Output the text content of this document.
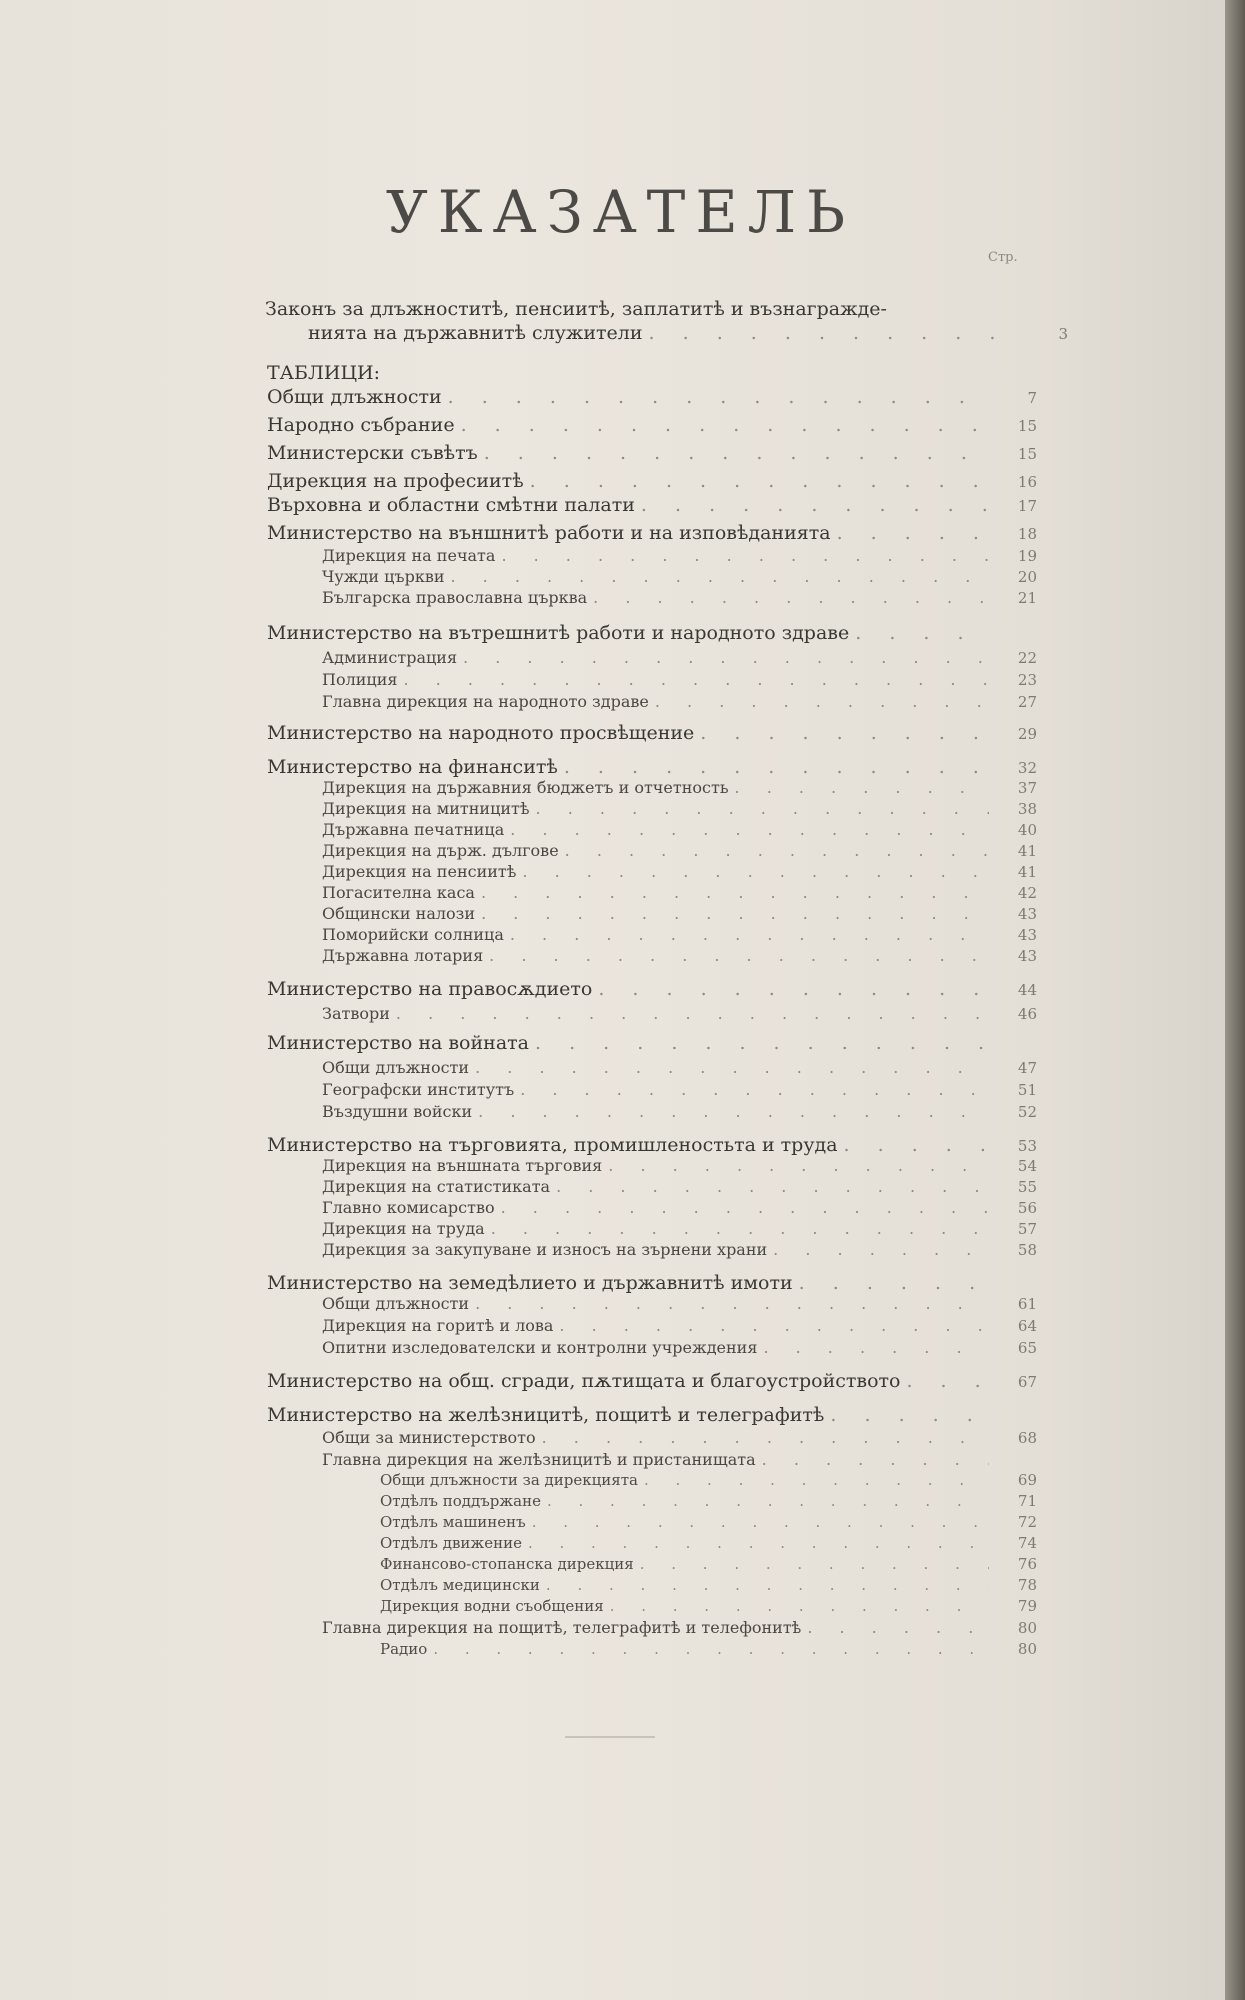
УКАЗАТЕЛЬ
Стр.
Законъ за длъжноститѣ, пенсиитѣ, заплатитѣ и възнагражде-
нията на държавнитѣ служители . . .	3
ТАБЛИЦИ:
Общи длъжности . . .	7
Народно събрание . . .	15
Министерски съвѣтъ . . .	15
Дирекция на професиитѣ . . .	16
Върховна и областни смѣтни палати . . .	17
Министерство на външнитѣ работи и на изповѣданията . . .	18
Дирекция на печата . . .	19
Чужди църкви . . .	20
Българска православна църква . . .	21
Министерство на вътрешнитѣ работи и народното здраве
. . .
Администрация . . .	22
Полиция . . .	23
Главна дирекция на народното здраве . . .	27
Министерство на народното просвѣщение . . .	29
Министерство на финанситѣ . . .	32
Дирекция на държавния бюджетъ и отчетность . . .	37
Дирекция на митницитѣ . . .	38
Държавна печатница . . .	40
Дирекция на държ. дългове . . .	41
Дирекция на пенсиитѣ . . .	41
Погасителна каса . . .	42
Общински налози . . .	43
Поморийски солница . . .	43
Държавна лотария . . .	43
Министерство на правосѫдието . . .	44
Затвори . . .	46
Министерство на войната
. . .
Общи длъжности . . .	47
Географски институтъ . . .	51
Въздушни войски . . .	52
Министерство на търговията, промишленостьта и труда . . .	53
Дирекция на външната търговия . . .	54
Дирекция на статистиката . . .	55
Главно комисарство . . .	56
Дирекция на труда . . .	57
Дирекция за закупуване и износъ на зърнени храни . . .	58
Министерство на земедѣлието и държавнитѣ имоти
. . .
Общи длъжности . . .	61
Дирекция на горитѣ и лова . . .	64
Опитни изследователски и контролни учреждения . . .	65
Министерство на общ. сгради, пѫтищата и благоустройството . . .	67
Министерство на желѣзницитѣ, пощитѣ и телеграфитѣ
. . .
Общи за министерството . . .	68
Главна дирекция на желѣзницитѣ и пристанищата
. . .
Общи длъжности за дирекцията . . .	69
Отдѣлъ поддържане . . .	71
Отдѣлъ машиненъ . . .	72
Отдѣлъ движение . . .	74
Финансово-стопанска дирекция . . .	76
Отдѣлъ медицински . . .	78
Дирекция водни съобщения . . .	79
Главна дирекция на пощитѣ, телеграфитѣ и телефонитѣ . . .	80
Радио . . .	80
